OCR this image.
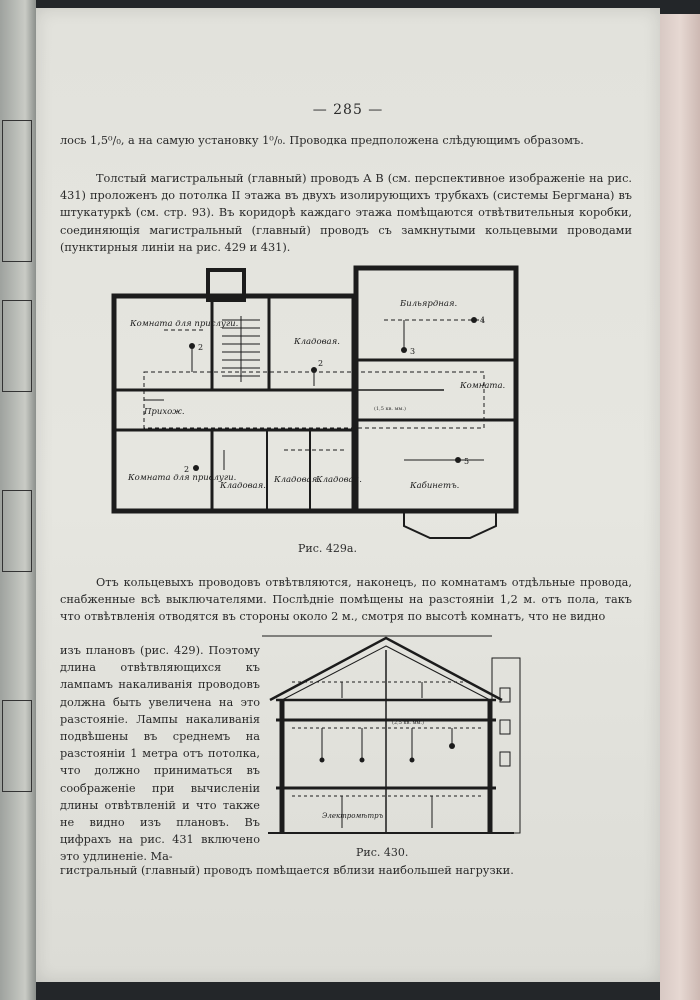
— 285 —

лось 1,5⁰/₀, а на самую установку 1⁰/₀. Проводка предположена слѣдующимъ образомъ.

Толстый магистральный (главный) проводъ A B (см. перспективное изображеніе на рис. 431) проложенъ до потолка II этажа въ двухъ изолирующихъ трубкахъ (системы Бергмана) въ штукатуркѣ (см. стр. 93). Въ коридорѣ каждаго этажа помѣщаются отвѣтвительныя коробки, соединяющія магистральный (главный) проводъ съ замкнутыми кольцевыми проводами (пунктирныя линіи на рис. 429 и 431).

Комната для прислуги.
Кладовая.
Бильярдная.
Комната.
Прихож.
Комната для прислуги.
Кладовая.
Кладовая.
Кладовая.
Кабинетъ.
2
4
3
2
5
2
(1,5 кв. мм.)
Рис. 429a.

Отъ кольцевыхъ проводовъ отвѣтвляются, наконецъ, по комнатамъ отдѣльные провода, снабженные всѣ выключателями. Послѣдніе помѣщены на разстояніи 1,2 м. отъ пола, такъ что отвѣтвленія отводятся въ стороны около 2 м., смотря по высотѣ комнатъ, что не видно

изъ плановъ (рис. 429). Поэтому длина отвѣтвляющихся къ лампамъ накаливанія проводовъ должна быть увеличена на это разстояніе. Лампы накаливанія подвѣшены въ среднемъ на разстояніи 1 метра отъ потолка, что должно приниматься въ соображеніе при вычисленіи длины отвѣтвленій и что также не видно изъ плановъ. Въ цифрахъ на рис. 431 включено это удлиненіе. Ма-

Электромѣтръ
(2,5 кв. мм.)
Рис. 430.

гистральный (главный) проводъ помѣщается вблизи наибольшей нагрузки.
